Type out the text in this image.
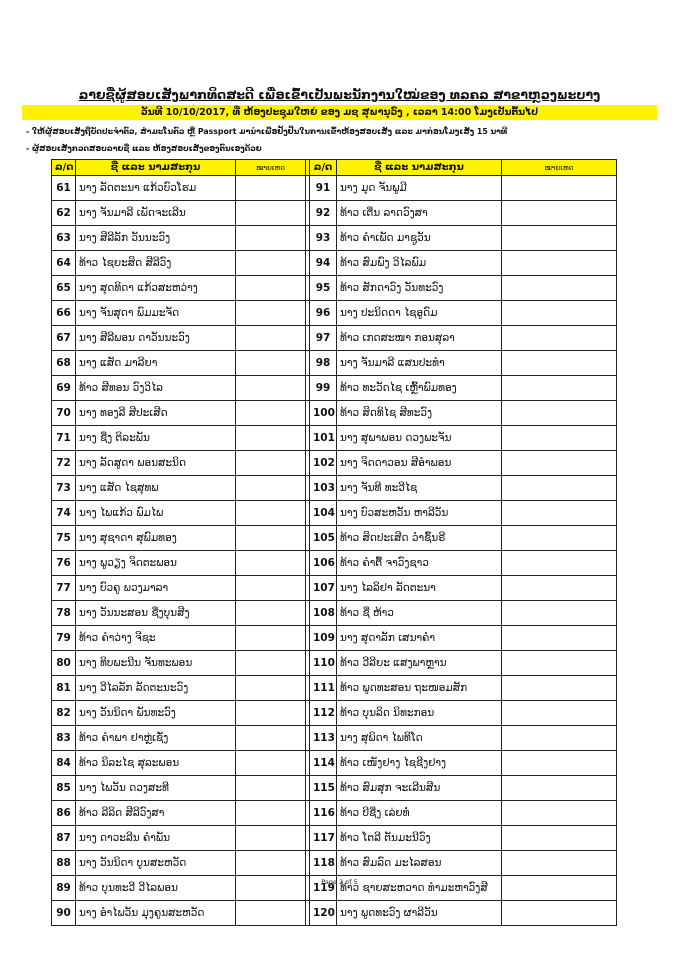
ລາຍຊື່ຜູ້ສອບເສັງພາກທິດສະດີ ເພື່ອເຂົ້າເປັນພະນັກງານໃໝ່ຂອງ ທລຄລ ສາຂາຫຼວງພະບາງ
ວັນທີ 10/10/2017, ທີ່ ຫ້ອງປະຊຸມໃຫຍ່ ຂອງ ມຊ ສຸພານຸວົງ , ເວລາ 14:00 ໂມງເປັນຕົ້ນໄປ
- ໃຫ້ຜູ້ສອບເສັງຖືບັດປະຈຳຕົວ, ສຳມະໂນຄົວ ຫຼື Passport ມານຳເພື່ອຢັ້ງຢືນໃນການເຂົ້າຫ້ອງສອບເສັງ ແລະ ມາກ່ອນໂມງເສັງ 15 ນາທີ
- ຜູ້ສອບເສັງກວດສອບລາຍຊື່ ແລະ ຫ້ອງສອບເສັງຂອງຕົນເອງດ້ວຍ
ລ/ດ	ຊື່ ແລະ ນາມສະກຸນ	ໝາຍເຫດ		ລ/ດ	ຊື່ ແລະ ນາມສະກຸນ	ໝາຍເຫດ
61	ນາງ ລັດຕະນາ ແກ້ວບົວໂຮມ			91	ນາງ ມຸດ ຈັນພູມີ	
62	ນາງ ຈັນມາລີ ເພັດຈະເລີນ			92	ທ້າວ ເຕີ່ນ ລາດວົງສາ	
63	ນາງ ສີລີລັກ ວັນນະວົງ			93	ທ້າວ ຄຳເພັດ ມາຊູວັນ	
64	ທ້າວ ໄຊຍະສິດ ສີລີວົງ			94	ທ້າວ ສົມພົງ ວິໄລພົມ	
65	ນາງ ສຸດທິດາ ແກ້ວສະຫວ່າງ			95	ທ້າວ ສັກດາວົງ ວັນທະວົງ	
66	ນາງ ຈັນສຸດາ ພົມມະຈັດ			96	ນາງ ປະນິດດາ ໄຊອູດົມ	
67	ນາງ ສີລີພອນ ດາວັນນະວົງ			97	ທ້າວ ເກດສະໜາ ກອນສຸລາ	
68	ນາງ ແສັດ ມາລີຍາ			98	ນາງ ຈັນມາລີ ແສນປະທຳ	
69	ທ້າວ ສີທອນ ວົງວິໄລ			99	ທ້າວ ທະວັດໄຊ ເຫຼົ້າພົມທອງ	
70	ນາງ ທອງລີ ສີປະເສີດ			100	ທ້າວ ສິດທິໄຊ ສີທະວົງ	
71	ນາງ ຊີ່ງ ຕິລະພັນ			101	ນາງ ສຸພາພອນ ດວງພະຈັນ	
72	ນາງ ລັດສູດາ ພອນສະນິດ			102	ນາງ ຈິດດາວອນ ສີອຳພອນ	
73	ນາງ ແສັດ ໄຊສຸທພ			103	ນາງ ຈັນທີ ທະວີໄຊ	
74	ນາງ ໄພແກ້ວ ພົມໄພ			104	ນາງ ບົວສະຫວັນ ຫາລີວັນ	
75	ນາງ ສຸຊາດາ ສຸພົມທອງ			105	ທ້າວ ສິດປະເສີດ ວໍາຊົ້ນຣີ	
76	ນາງ ພູວຽງ ຈິດຕະພອນ			106	ທ້າວ ຄຳຕື້ ຈາວົງຊາວ	
77	ນາງ ບົວຄູ ພວງມາລາ			107	ນາງ ໄລລິຢາ ລັດຕະນາ	
78	ນາງ ວັນນະສອນ ຊີ່ງບຸນສີງ			108	ທ້າວ ຊີ່ ຫ້າວ	
79	ທ້າວ ຄຳວ່າງ ຈີຊະ			109	ນາງ ສຸດາລັກ ເສນາຄຳ	
80	ນາງ ທິບພະນີນ ຈັນທະພອນ			110	ທ້າວ ວີລີຍະ ແສງພາຫຼານ	
81	ນາງ ວີໄລລັກ ລັດຕະນະວົງ			111	ທ້າວ ພູດທະສອນ ຖະໜອມສັກ	
82	ນາງ ວັນນິດາ ພັນທະວົງ			112	ທ້າວ ບຸນລິດ ນິທະກອນ	
83	ທ້າວ ຄຳພາ ຢາຫຼ່ເຊັ່ງ			113	ນາງ ສຸພິດາ ໄພທິໂດ	
84	ທ້າວ ນິລະໄຊ ສຸລະພອນ			114	ທ້າວ ເໜັງຢາງ ໄຊຊີງຢາງ	
85	ນາງ ໄພວັນ ດວງສະທີ			115	ທ້າວ ສົມສຸກ ຈະເລີນສີນ	
86	ທ້າວ ລີລິດ ສີລີວົງສາ			116	ທ້າວ ບີຊີ່ງ ເລ່ຍທໍ່	
87	ນາງ ດາວະລີນ ຄຳພັນ			117	ທ້າວ ໂຕລີ ຕັນມະນີວົງ	
88	ນາງ ວັນນິດາ ບູນສະຫວັດ			118	ທ້າວ ສົມລົດ ມະໄລສອນ	
89	ທ້າວ ບຸນທະວີ ວີໄລພອນ			119	ທ້າວ ຊາຍສະຫວາດ ທຳມະຫາວົງສີ	
90	ນາງ ອຳໄພວັນ ມຸງຄູນສະຫວັດ			120	ນາງ ພູດທະວົງ ຜາລີວັນ	
Page 2 of 5
